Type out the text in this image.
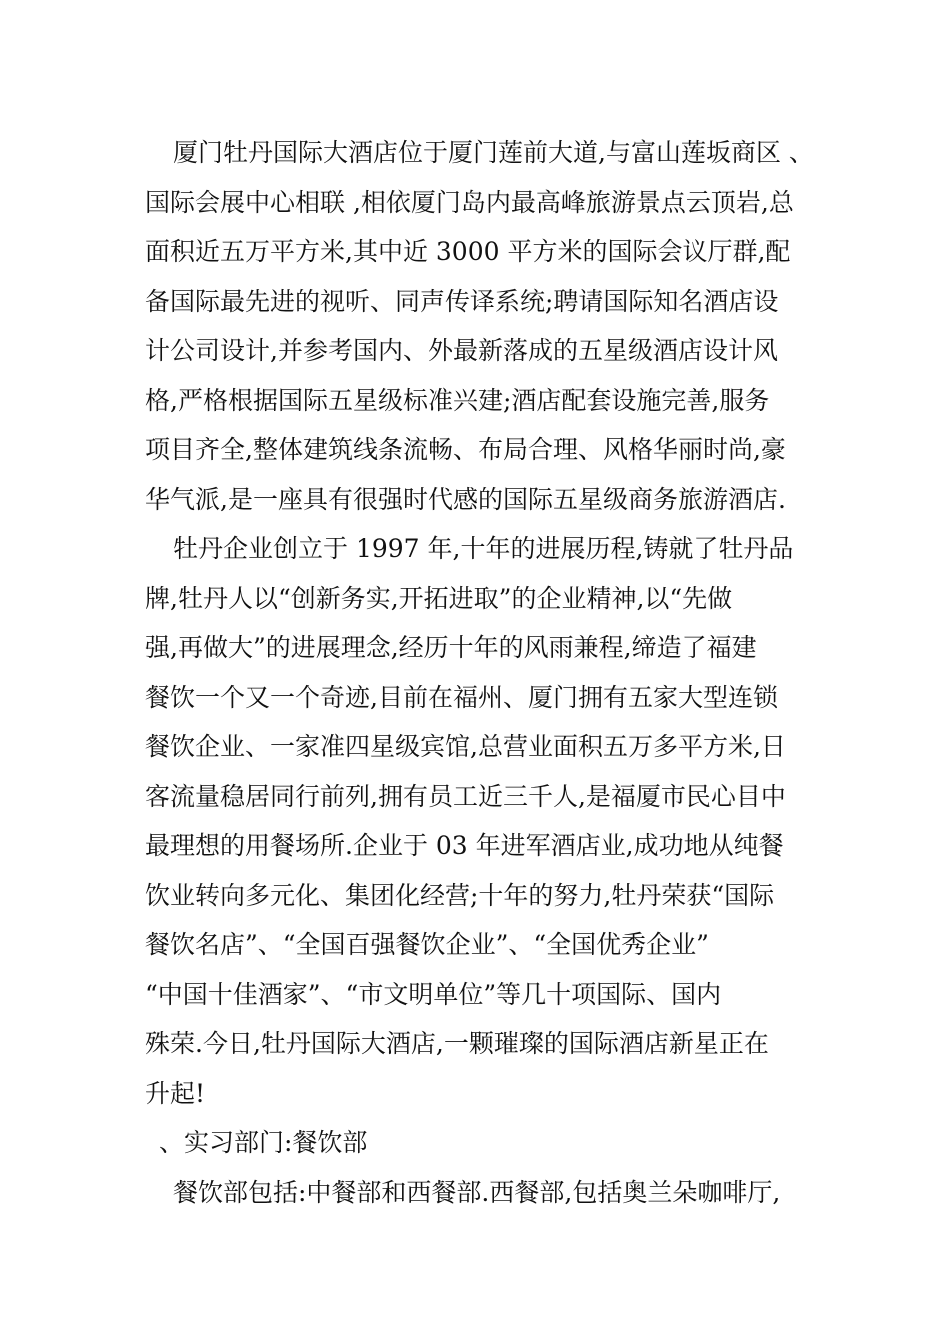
厦门牡丹国际大酒店位于厦门莲前大道,与富山莲坂商区 、
国际会展中心相联 ,相依厦门岛内最高峰旅游景点云顶岩,总
面积近五万平方米,其中近 3000 平方米的国际会议厅群,配
备国际最先进的视听、同声传译系统;聘请国际知名酒店设
计公司设计,并参考国内、外最新落成的五星级酒店设计风
格,严格根据国际五星级标准兴建;酒店配套设施完善,服务
项目齐全,整体建筑线条流畅、布局合理、风格华丽时尚,豪
华气派,是一座具有很强时代感的国际五星级商务旅游酒店.
牡丹企业创立于 1997 年,十年的进展历程,铸就了牡丹品
牌,牡丹人以“创新务实,开拓进取”的企业精神,以“先做
强,再做大”的进展理念,经历十年的风雨兼程,缔造了福建
餐饮一个又一个奇迹,目前在福州、厦门拥有五家大型连锁
餐饮企业、一家准四星级宾馆,总营业面积五万多平方米,日
客流量稳居同行前列,拥有员工近三千人,是福厦市民心目中
最理想的用餐场所.企业于 03 年进军酒店业,成功地从纯餐
饮业转向多元化、集团化经营;十年的努力,牡丹荣获“国际
餐饮名店”、“全国百强餐饮企业”、“全国优秀企业”
“中国十佳酒家”、“市文明单位”等几十项国际、国内
殊荣.今日,牡丹国际大酒店,一颗璀璨的国际酒店新星正在
升起!
、实习部门:餐饮部
餐饮部包括:中餐部和西餐部.西餐部,包括奥兰朵咖啡厅,
